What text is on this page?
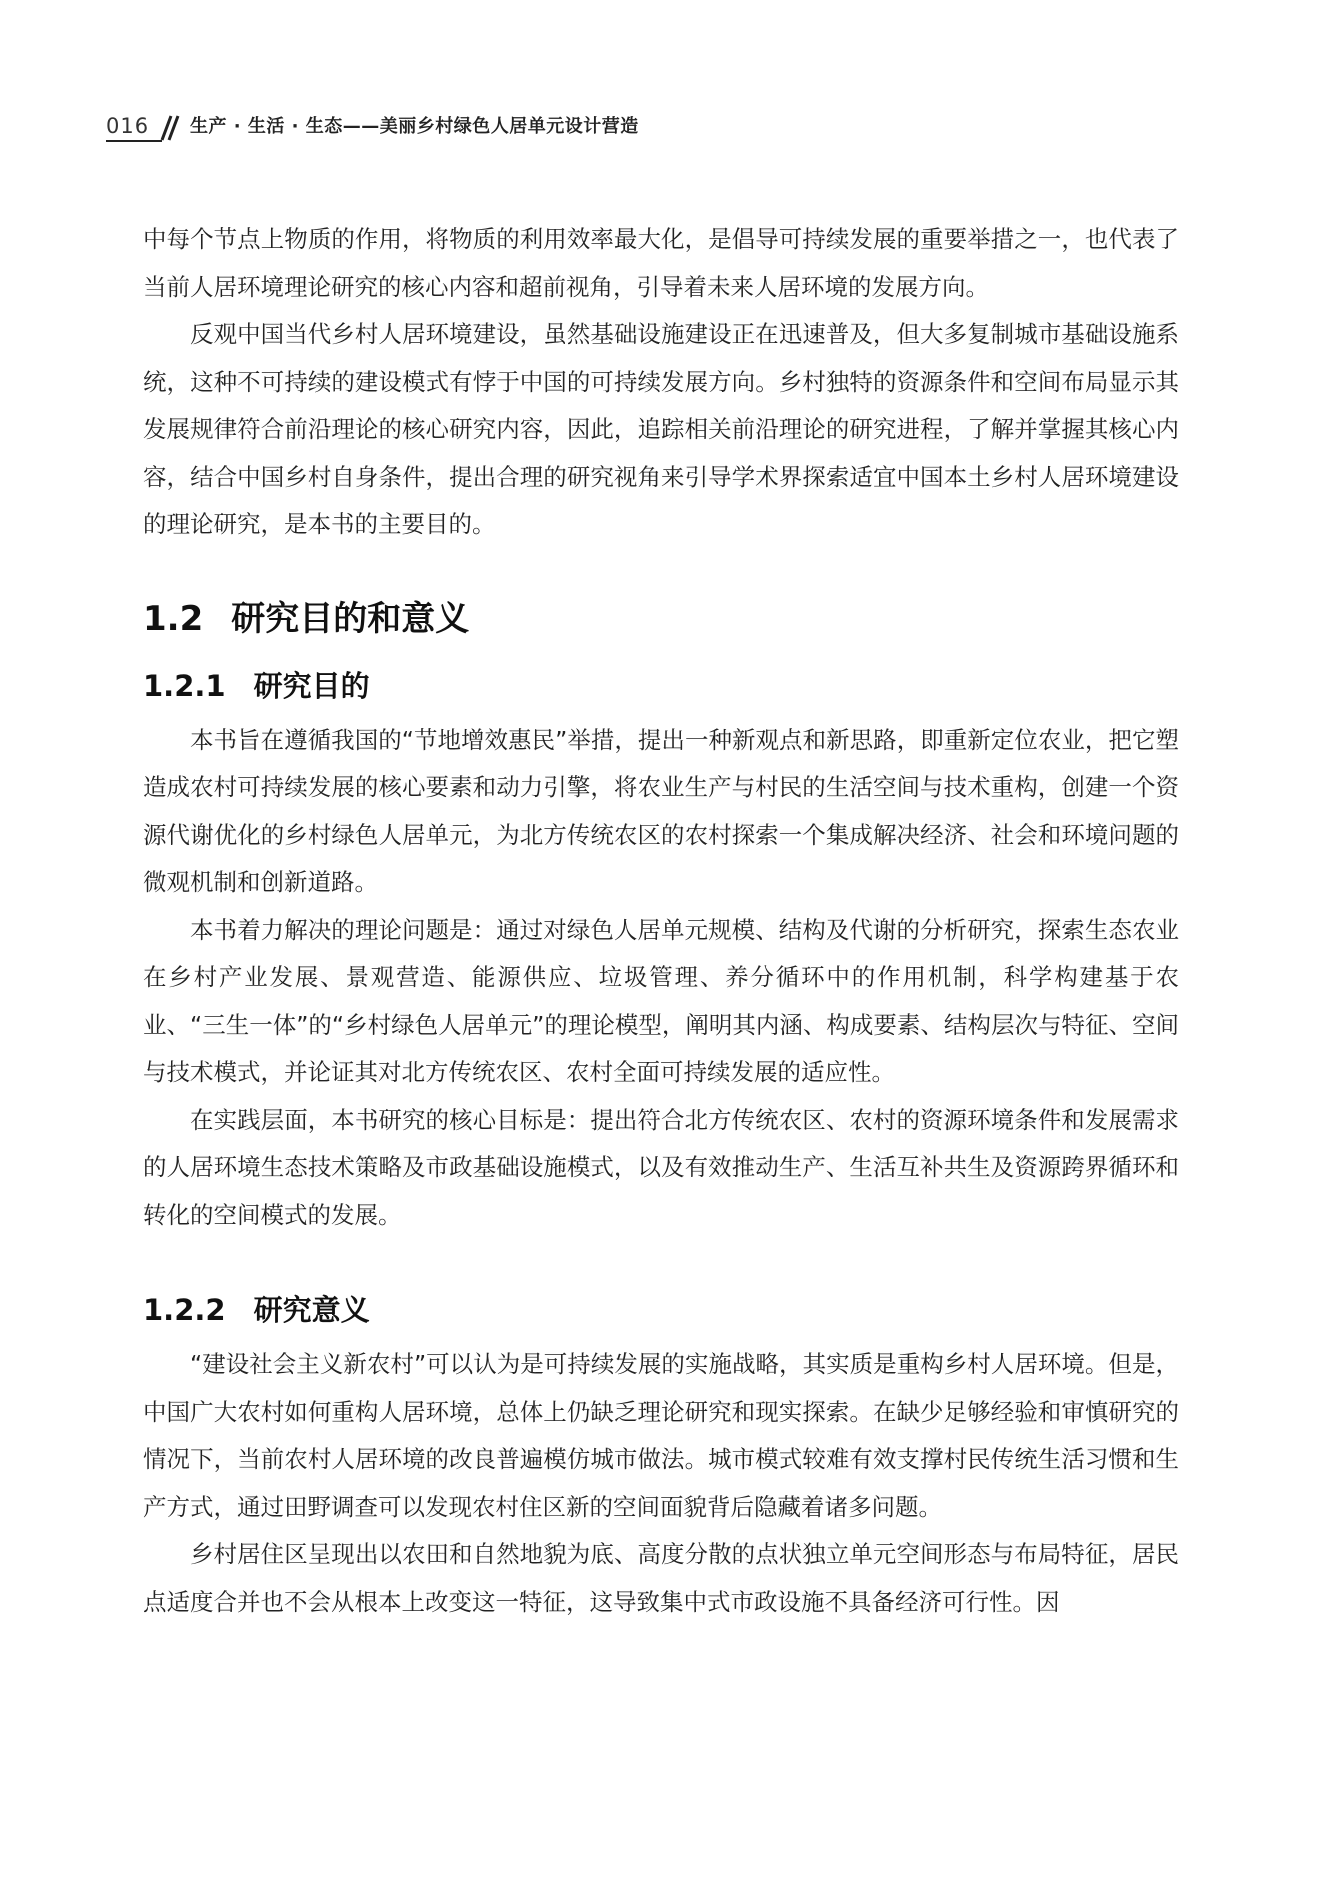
016	生产 · 生活 · 生态——美丽乡村绿色人居单元设计营造

中每个节点上物质的作用，将物质的利用效率最大化，是倡导可持续发展的重要举措之一，也代表了当前人居环境理论研究的核心内容和超前视角，引导着未来人居环境的发展方向。

反观中国当代乡村人居环境建设，虽然基础设施建设正在迅速普及，但大多复制城市基础设施系统，这种不可持续的建设模式有悖于中国的可持续发展方向。乡村独特的资源条件和空间布局显示其发展规律符合前沿理论的核心研究内容，因此，追踪相关前沿理论的研究进程，了解并掌握其核心内容，结合中国乡村自身条件，提出合理的研究视角来引导学术界探索适宜中国本土乡村人居环境建设的理论研究，是本书的主要目的。

1.2 研究目的和意义
1.2.1 研究目的

本书旨在遵循我国的“节地增效惠民”举措，提出一种新观点和新思路，即重新定位农业，把它塑造成农村可持续发展的核心要素和动力引擎，将农业生产与村民的生活空间与技术重构，创建一个资源代谢优化的乡村绿色人居单元，为北方传统农区的农村探索一个集成解决经济、社会和环境问题的微观机制和创新道路。

本书着力解决的理论问题是：通过对绿色人居单元规模、结构及代谢的分析研究，探索生态农业在乡村产业发展、景观营造、能源供应、垃圾管理、养分循环中的作用机制，科学构建基于农业、“三生一体”的“乡村绿色人居单元”的理论模型，阐明其内涵、构成要素、结构层次与特征、空间与技术模式，并论证其对北方传统农区、农村全面可持续发展的适应性。

在实践层面，本书研究的核心目标是：提出符合北方传统农区、农村的资源环境条件和发展需求的人居环境生态技术策略及市政基础设施模式，以及有效推动生产、生活互补共生及资源跨界循环和转化的空间模式的发展。

1.2.2 研究意义

“建设社会主义新农村”可以认为是可持续发展的实施战略，其实质是重构乡村人居环境。但是，中国广大农村如何重构人居环境，总体上仍缺乏理论研究和现实探索。在缺少足够经验和审慎研究的情况下，当前农村人居环境的改良普遍模仿城市做法。城市模式较难有效支撑村民传统生活习惯和生产方式，通过田野调查可以发现农村住区新的空间面貌背后隐藏着诸多问题。

乡村居住区呈现出以农田和自然地貌为底、高度分散的点状独立单元空间形态与布局特征，居民点适度合并也不会从根本上改变这一特征，这导致集中式市政设施不具备经济可行性。因
